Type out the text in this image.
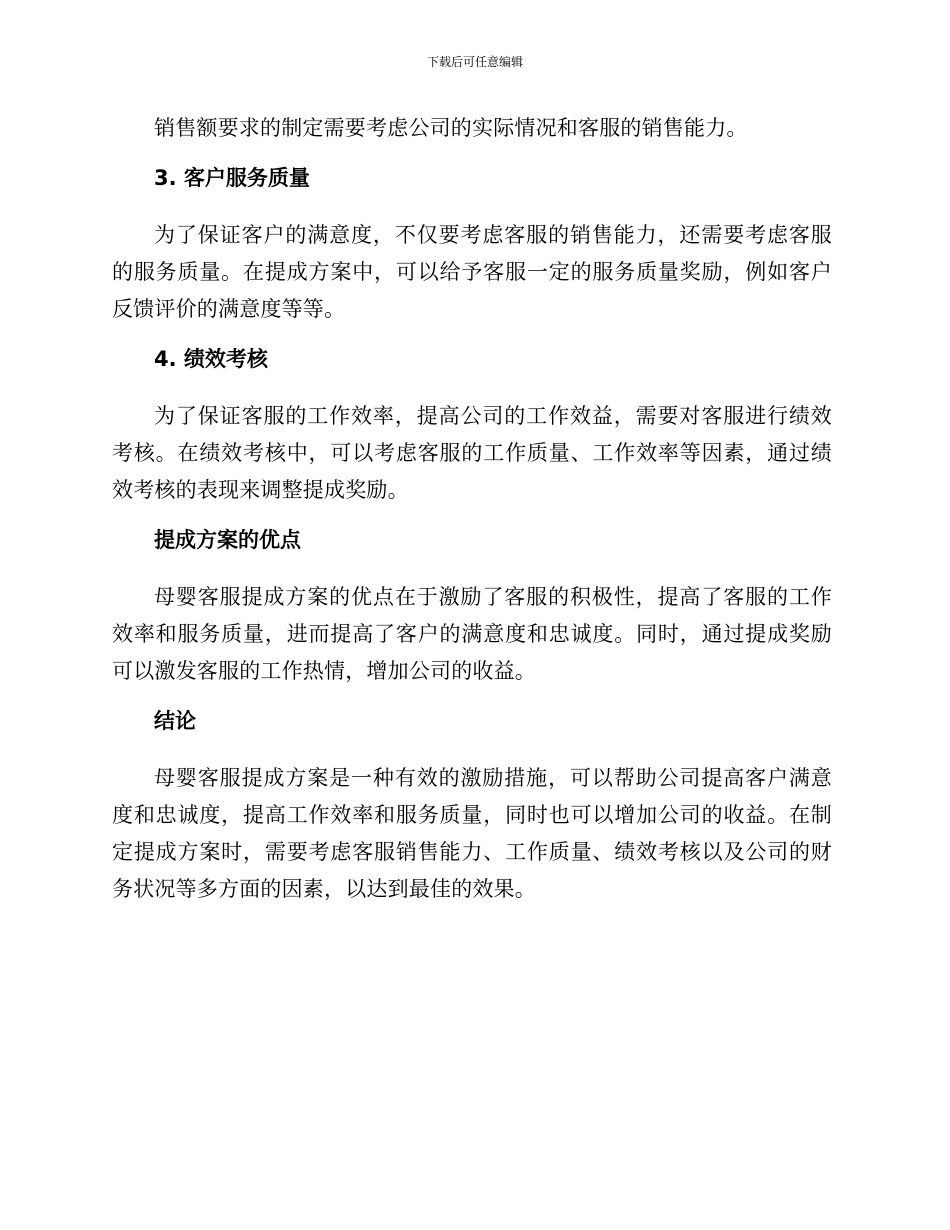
下载后可任意编辑

销售额要求的制定需要考虑公司的实际情况和客服的销售能力。

3. 客户服务质量

为了保证客户的满意度，不仅要考虑客服的销售能力，还需要考虑客服的服务质量。在提成方案中，可以给予客服一定的服务质量奖励，例如客户反馈评价的满意度等等。

4. 绩效考核

为了保证客服的工作效率，提高公司的工作效益，需要对客服进行绩效考核。在绩效考核中，可以考虑客服的工作质量、工作效率等因素，通过绩效考核的表现来调整提成奖励。

提成方案的优点

母婴客服提成方案的优点在于激励了客服的积极性，提高了客服的工作效率和服务质量，进而提高了客户的满意度和忠诚度。同时，通过提成奖励可以激发客服的工作热情，增加公司的收益。

结论

母婴客服提成方案是一种有效的激励措施，可以帮助公司提高客户满意度和忠诚度，提高工作效率和服务质量，同时也可以增加公司的收益。在制定提成方案时，需要考虑客服销售能力、工作质量、绩效考核以及公司的财务状况等多方面的因素，以达到最佳的效果。
